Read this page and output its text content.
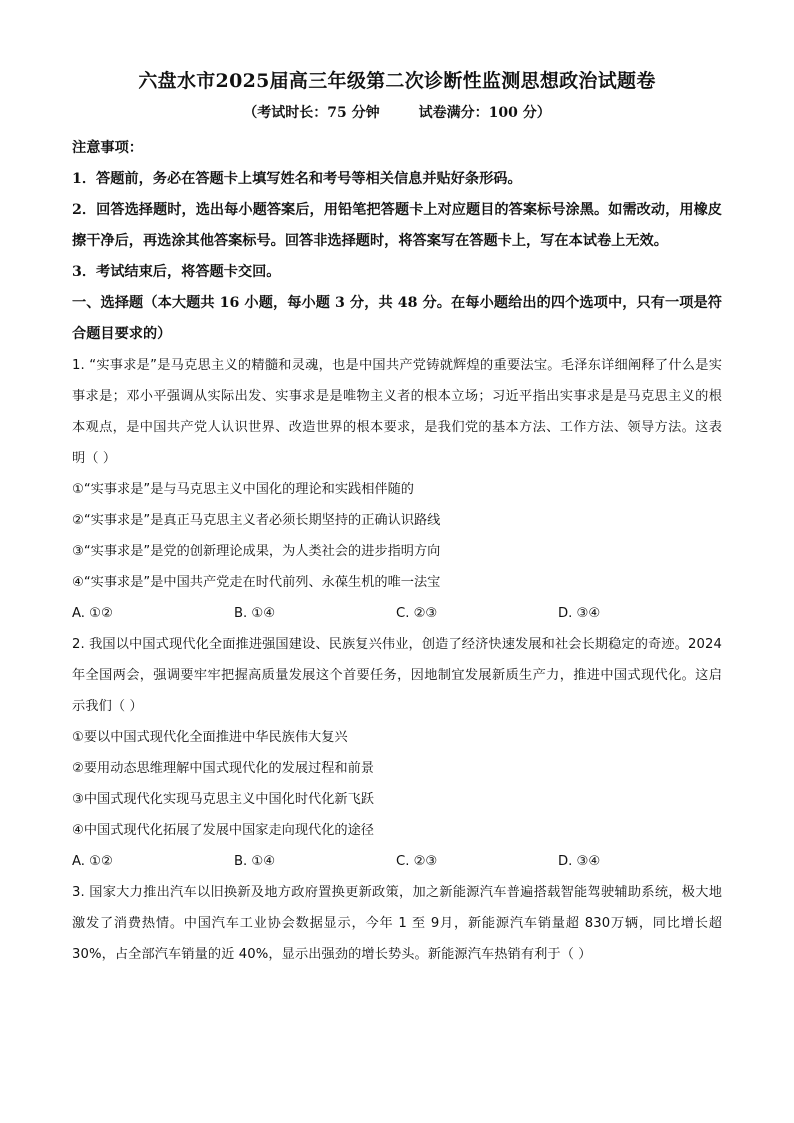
六盘水市2025届高三年级第二次诊断性监测思想政治试题卷

（考试时长：75 分钟        试卷满分：100 分）

注意事项：

1．答题前，务必在答题卡上填写姓名和考号等相关信息并贴好条形码。

2．回答选择题时，选出每小题答案后，用铅笔把答题卡上对应题目的答案标号涂黑。如需改动，用橡皮擦干净后，再选涂其他答案标号。回答非选择题时，将答案写在答题卡上，写在本试卷上无效。

3．考试结束后，将答题卡交回。

一、选择题（本大题共 16 小题，每小题 3 分，共 48 分。在每小题给出的四个选项中，只有一项是符合题目要求的）

1. “实事求是”是马克思主义的精髓和灵魂，也是中国共产党铸就辉煌的重要法宝。毛泽东详细阐释了什么是实事求是；邓小平强调从实际出发、实事求是是唯物主义者的根本立场；习近平指出实事求是是马克思主义的根本观点，是中国共产党人认识世界、改造世界的根本要求，是我们党的基本方法、工作方法、领导方法。这表明（ ）

①“实事求是”是与马克思主义中国化的理论和实践相伴随的

②“实事求是”是真正马克思主义者必须长期坚持的正确认识路线

③“实事求是”是党的创新理论成果，为人类社会的进步指明方向

④“实事求是”是中国共产党走在时代前列、永葆生机的唯一法宝

A. ①②	B. ①④	C. ②③	D. ③④

2. 我国以中国式现代化全面推进强国建设、民族复兴伟业，创造了经济快速发展和社会长期稳定的奇迹。2024年全国两会，强调要牢牢把握高质量发展这个首要任务，因地制宜发展新质生产力，推进中国式现代化。这启示我们（ ）

①要以中国式现代化全面推进中华民族伟大复兴

②要用动态思维理解中国式现代化的发展过程和前景

③中国式现代化实现马克思主义中国化时代化新飞跃

④中国式现代化拓展了发展中国家走向现代化的途径

A. ①②	B. ①④	C. ②③	D. ③④

3. 国家大力推出汽车以旧换新及地方政府置换更新政策，加之新能源汽车普遍搭载智能驾驶辅助系统，极大地激发了消费热情。中国汽车工业协会数据显示，今年 1 至 9月，新能源汽车销量超 830万辆，同比增长超 30%，占全部汽车销量的近 40%，显示出强劲的增长势头。新能源汽车热销有利于（ ）
